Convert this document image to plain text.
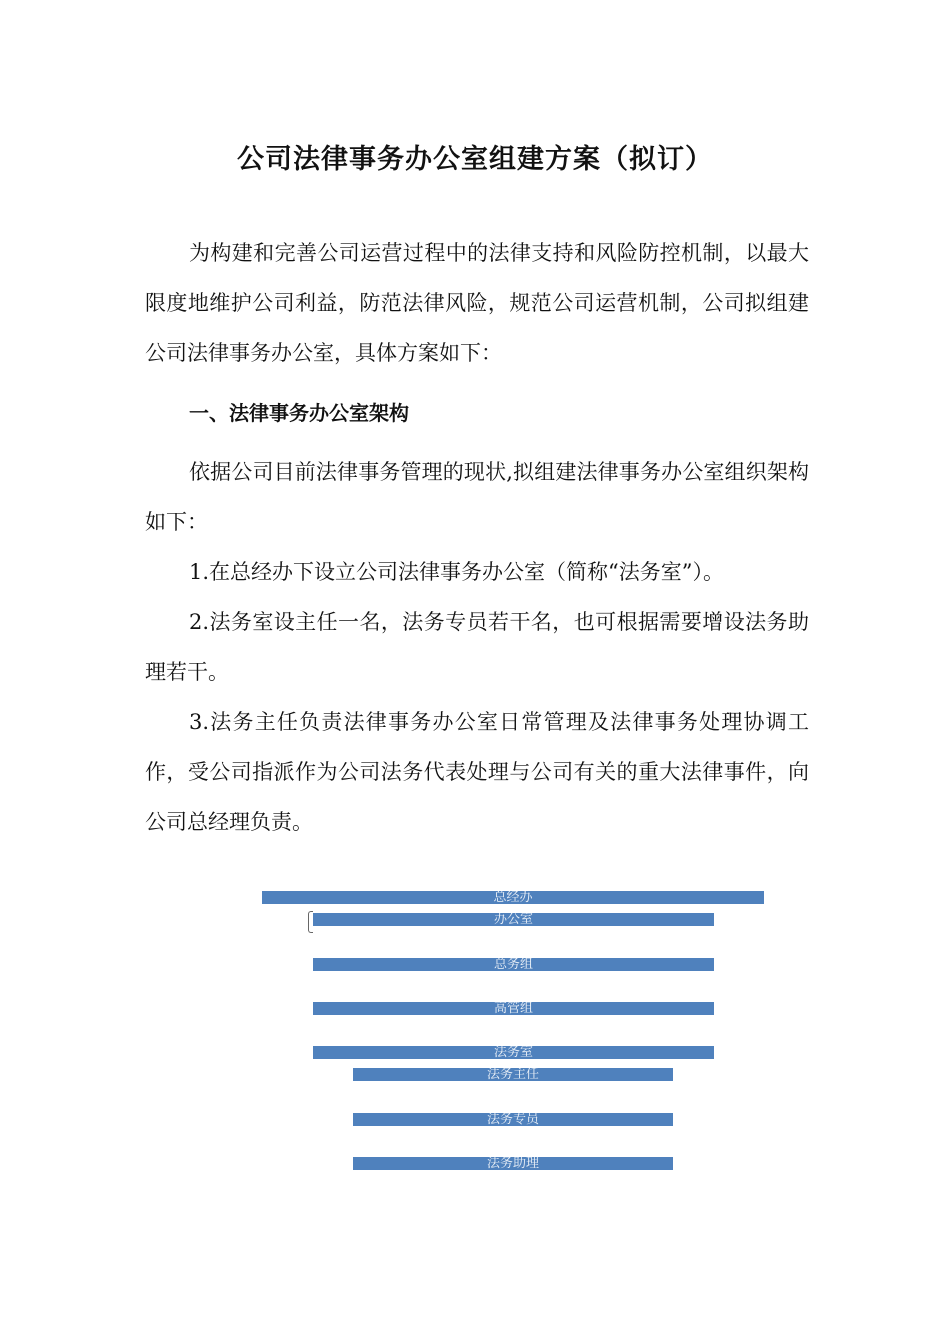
公司法律事务办公室组建方案（拟订）

为构建和完善公司运营过程中的法律支持和风险防控机制，以最大限度地维护公司利益，防范法律风险，规范公司运营机制，公司拟组建公司法律事务办公室，具体方案如下：

一、法律事务办公室架构

依据公司目前法律事务管理的现状,拟组建法律事务办公室组织架构如下：

1.在总经办下设立公司法律事务办公室（简称“法务室”）。

2.法务室设主任一名，法务专员若干名，也可根据需要增设法务助理若干。

3.法务主任负责法律事务办公室日常管理及法律事务处理协调工作，受公司指派作为公司法务代表处理与公司有关的重大法律事件，向公司总经理负责。

总经办
办公室
总务组
高管组
法务室
法务主任
法务专员
法务助理
